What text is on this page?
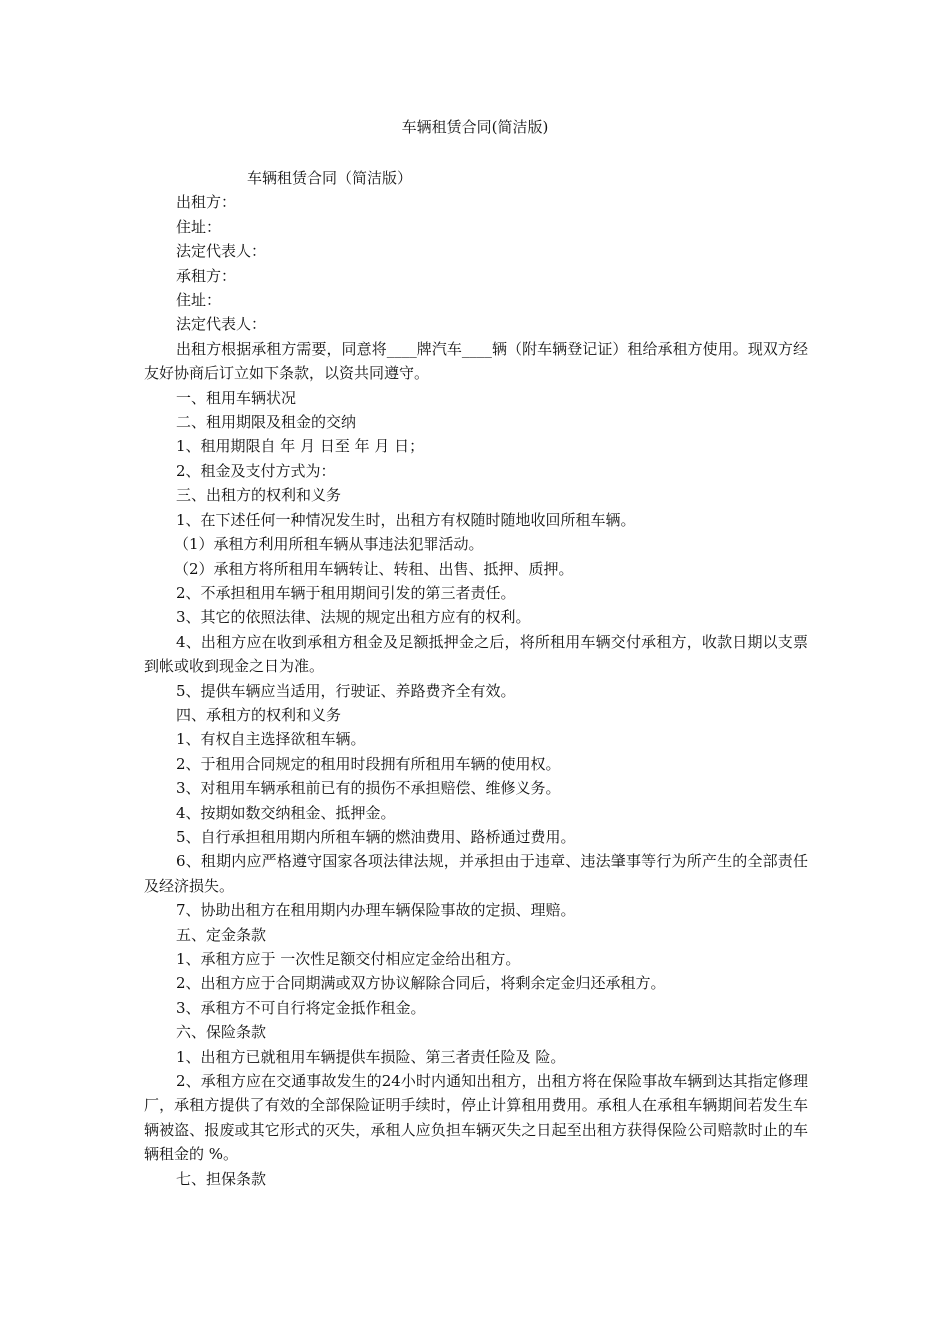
车辆租赁合同(简洁版)

车辆租赁合同（简洁版）

出租方：

住址：

法定代表人：

承租方：

住址：

法定代表人：

出租方根据承租方需要，同意将____牌汽车____辆（附车辆登记证）租给承租方使用。现双方经友好协商后订立如下条款，以资共同遵守。

一、租用车辆状况

二、租用期限及租金的交纳

1、租用期限自 年 月 日至 年 月 日；

2、租金及支付方式为：

三、出租方的权利和义务

1、在下述任何一种情况发生时，出租方有权随时随地收回所租车辆。

（1）承租方利用所租车辆从事违法犯罪活动。

（2）承租方将所租用车辆转让、转租、出售、抵押、质押。

2、不承担租用车辆于租用期间引发的第三者责任。

3、其它的依照法律、法规的规定出租方应有的权利。

4、出租方应在收到承租方租金及足额抵押金之后，将所租用车辆交付承租方，收款日期以支票到帐或收到现金之日为准。

5、提供车辆应当适用，行驶证、养路费齐全有效。

四、承租方的权利和义务

1、有权自主选择欲租车辆。

2、于租用合同规定的租用时段拥有所租用车辆的使用权。

3、对租用车辆承租前已有的损伤不承担赔偿、维修义务。

4、按期如数交纳租金、抵押金。

5、自行承担租用期内所租车辆的燃油费用、路桥通过费用。

6、租期内应严格遵守国家各项法律法规，并承担由于违章、违法肇事等行为所产生的全部责任及经济损失。

7、协助出租方在租用期内办理车辆保险事故的定损、理赔。

五、定金条款

1、承租方应于 一次性足额交付相应定金给出租方。

2、出租方应于合同期满或双方协议解除合同后，将剩余定金归还承租方。

3、承租方不可自行将定金抵作租金。

六、保险条款

1、出租方已就租用车辆提供车损险、第三者责任险及 险。

2、承租方应在交通事故发生的24小时内通知出租方，出租方将在保险事故车辆到达其指定修理厂，承租方提供了有效的全部保险证明手续时，停止计算租用费用。承租人在承租车辆期间若发生车辆被盗、报废或其它形式的灭失，承租人应负担车辆灭失之日起至出租方获得保险公司赔款时止的车辆租金的 %。

七、担保条款
